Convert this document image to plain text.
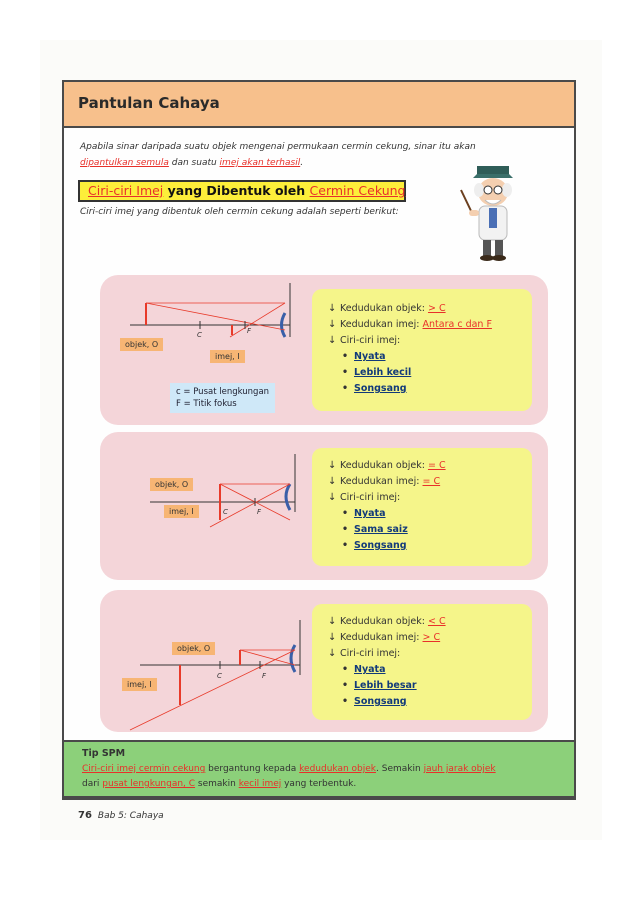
Pantulan Cahaya
Apabila sinar daripada suatu objek mengenai permukaan cermin cekung, sinar itu akan dipantulkan semula dan suatu imej akan terhasil.
Ciri-ciri Imej yang Dibentuk oleh Cermin Cekung
Ciri-ciri imej yang dibentuk oleh cermin cekung adalah seperti berikut:
C	F
objek, O
imej, I
c = Pusat lengkungan
F = Titik fokus
↓ Kedudukan objek: > C
↓ Kedudukan imej: Antara c dan F
↓ Ciri-ciri imej:
• Nyata
• Lebih kecil
• Songsang
C	F
objek, O
imej, I
↓ Kedudukan objek: = C
↓ Kedudukan imej: = C
↓ Ciri-ciri imej:
• Nyata
• Sama saiz
• Songsang
C	F
objek, O
imej, I
↓ Kedudukan objek: < C
↓ Kedudukan imej: > C
↓ Ciri-ciri imej:
• Nyata
• Lebih besar
• Songsang
Tip SPM
Ciri-ciri imej cermin cekung bergantung kepada kedudukan objek. Semakin jauh jarak objek
dari pusat lengkungan, C semakin kecil imej yang terbentuk.
76 Bab 5: Cahaya
